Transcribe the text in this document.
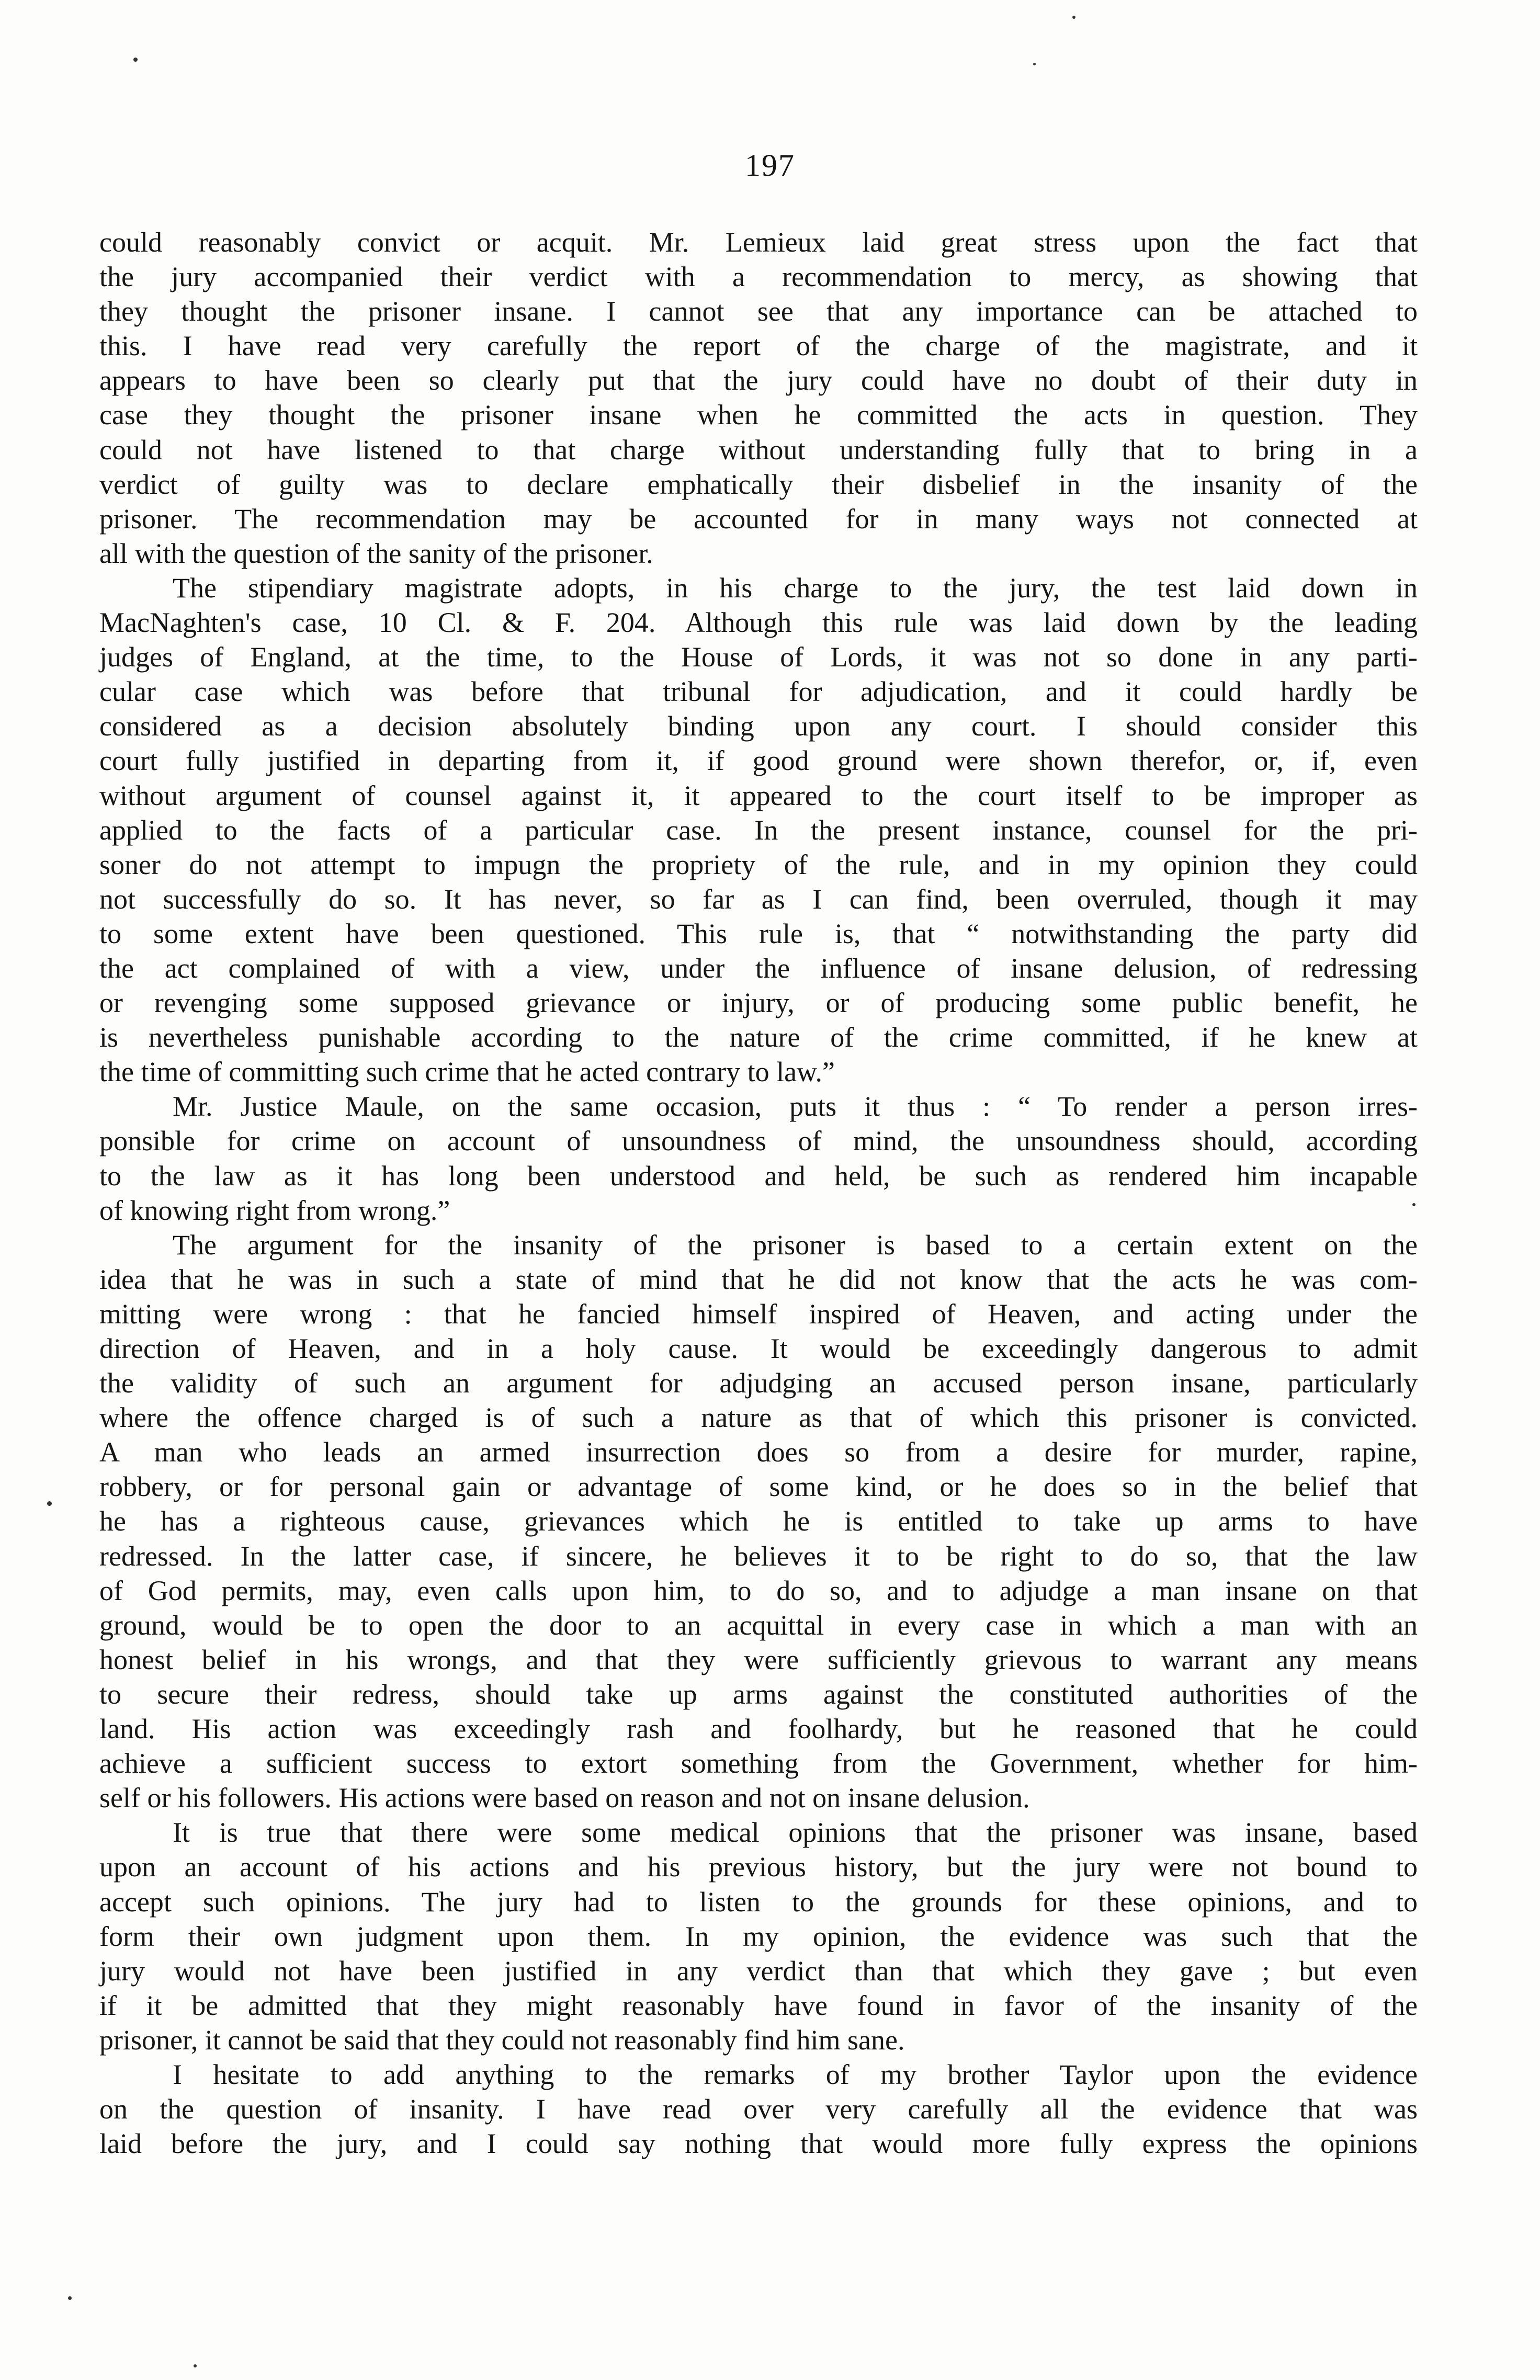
197
could reasonably convict or acquit. Mr. Lemieux laid great stress upon the fact that
the jury accompanied their verdict with a recommendation to mercy, as showing that
they thought the prisoner insane. I cannot see that any importance can be attached to
this. I have read very carefully the report of the charge of the magistrate, and it
appears to have been so clearly put that the jury could have no doubt of their duty in
case they thought the prisoner insane when he committed the acts in question. They
could not have listened to that charge without understanding fully that to bring in a
verdict of guilty was to declare emphatically their disbelief in the insanity of the
prisoner. The recommendation may be accounted for in many ways not connected at
all with the question of the sanity of the prisoner.
The stipendiary magistrate adopts, in his charge to the jury, the test laid down in
MacNaghten's case, 10 Cl. & F. 204. Although this rule was laid down by the leading
judges of England, at the time, to the House of Lords, it was not so done in any parti-
cular case which was before that tribunal for adjudication, and it could hardly be
considered as a decision absolutely binding upon any court. I should consider this
court fully justified in departing from it, if good ground were shown therefor, or, if, even
without argument of counsel against it, it appeared to the court itself to be improper as
applied to the facts of a particular case. In the present instance, counsel for the pri-
soner do not attempt to impugn the propriety of the rule, and in my opinion they could
not successfully do so. It has never, so far as I can find, been overruled, though it may
to some extent have been questioned. This rule is, that “ notwithstanding the party did
the act complained of with a view, under the influence of insane delusion, of redressing
or revenging some supposed grievance or injury, or of producing some public benefit, he
is nevertheless punishable according to the nature of the crime committed, if he knew at
the time of committing such crime that he acted contrary to law.”
Mr. Justice Maule, on the same occasion, puts it thus : “ To render a person irres-
ponsible for crime on account of unsoundness of mind, the unsoundness should, according
to the law as it has long been understood and held, be such as rendered him incapable
of knowing right from wrong.”
The argument for the insanity of the prisoner is based to a certain extent on the
idea that he was in such a state of mind that he did not know that the acts he was com-
mitting were wrong : that he fancied himself inspired of Heaven, and acting under the
direction of Heaven, and in a holy cause. It would be exceedingly dangerous to admit
the validity of such an argument for adjudging an accused person insane, particularly
where the offence charged is of such a nature as that of which this prisoner is convicted.
A man who leads an armed insurrection does so from a desire for murder, rapine,
robbery, or for personal gain or advantage of some kind, or he does so in the belief that
he has a righteous cause, grievances which he is entitled to take up arms to have
redressed. In the latter case, if sincere, he believes it to be right to do so, that the law
of God permits, may, even calls upon him, to do so, and to adjudge a man insane on that
ground, would be to open the door to an acquittal in every case in which a man with an
honest belief in his wrongs, and that they were sufficiently grievous to warrant any means
to secure their redress, should take up arms against the constituted authorities of the
land. His action was exceedingly rash and foolhardy, but he reasoned that he could
achieve a sufficient success to extort something from the Government, whether for him-
self or his followers. His actions were based on reason and not on insane delusion.
It is true that there were some medical opinions that the prisoner was insane, based
upon an account of his actions and his previous history, but the jury were not bound to
accept such opinions. The jury had to listen to the grounds for these opinions, and to
form their own judgment upon them. In my opinion, the evidence was such that the
jury would not have been justified in any verdict than that which they gave ; but even
if it be admitted that they might reasonably have found in favor of the insanity of the
prisoner, it cannot be said that they could not reasonably find him sane.
I hesitate to add anything to the remarks of my brother Taylor upon the evidence
on the question of insanity. I have read over very carefully all the evidence that was
laid before the jury, and I could say nothing that would more fully express the opinions
